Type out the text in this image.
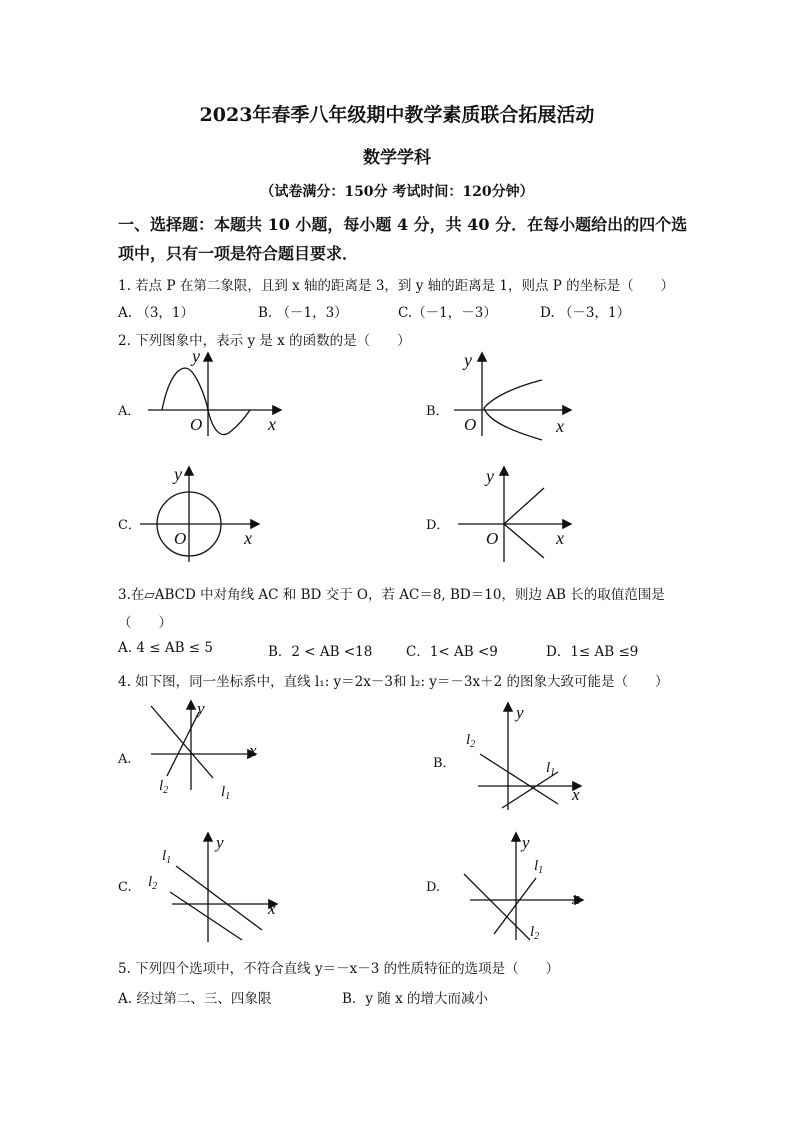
2023年春季八年级期中教学素质联合拓展活动
数学学科
（试卷满分：150分 考试时间：120分钟）
一、选择题：本题共 10 小题，每小题 4 分，共 40 分．在每小题给出的四个选
项中，只有一项是符合题目要求．
1. 若点 P 在第二象限，且到 x 轴的距离是 3，到 y 轴的距离是 1，则点 P 的坐标是（　　）
A. （3，1）	B. （－1，3）	C.（－1，－3）	D. （－3，1）
2. 下列图象中，表示 y 是 x 的函数的是（　　）
A．	B．
C．	D．
O	x
y
O	x
y
O	x
y
O	x
y
3.在▱ABCD 中对角线 AC 和 BD 交于 O，若 AC＝8, BD＝10，则边 AB 长的取值范围是
（　　）
A. 4 ≤ AB ≤ 5	B．2 < AB <18 C．1< AB <9	D．1≤ AB ≤9
4. 如下图，同一坐标系中，直线 l₁: y＝2x－3和 l₂: y＝－3x＋2 的图象大致可能是（　　）
A.	B．
C.	D.
x
y
$l_2$	$l_1$	x
y
$l_2$
$l_1$
x
y
$l_1$
$l_2$
x
y
$l_1$
$l_2$
5. 下列四个选项中，不符合直线 y＝－x－3 的性质特征的选项是（　　）
A. 经过第二、三、四象限	B．y 随 x 的增大而减小
